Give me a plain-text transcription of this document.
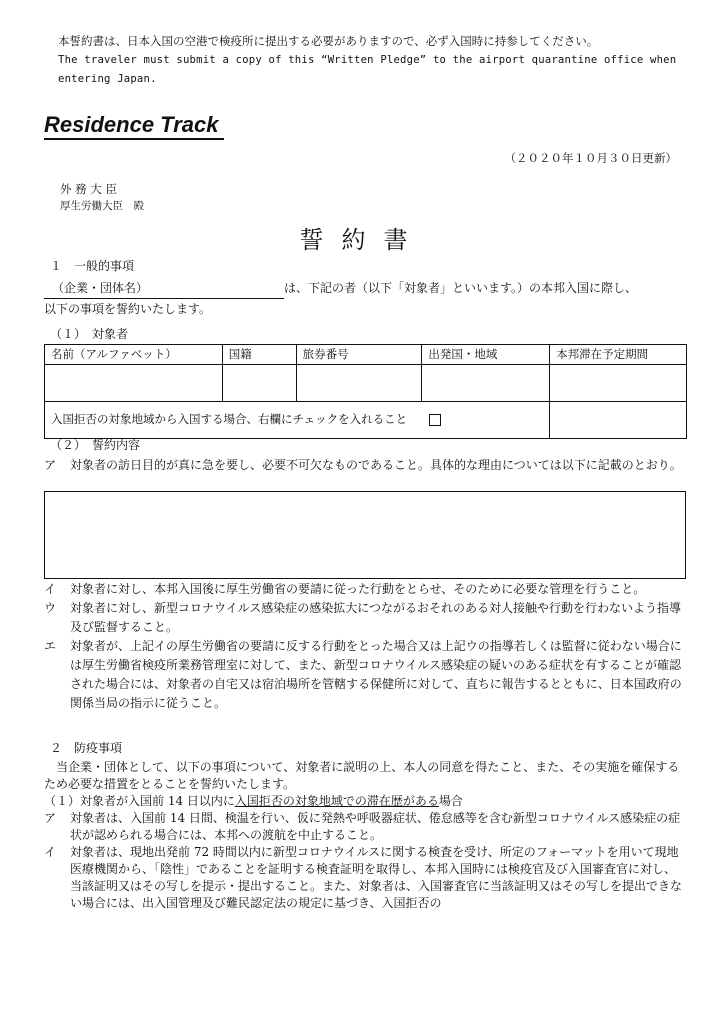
本誓約書は、日本入国の空港で検疫所に提出する必要がありますので、必ず入国時に持参してください。
The traveler must submit a copy of this “Written Pledge” to the airport quarantine office when
entering Japan.
Residence Track
（２０２０年１０月３０日更新）
外 務 大 臣
厚生労働大臣　殿
誓約書
１　一般的事項
（企業・団体名）	は、下記の者（以下「対象者」といいます。）の本邦入国に際し、
以下の事項を誓約いたします。
（１）　対象者
名前（アルファベット）	国籍	旅券番号	出発国・地域	本邦滞在予定期間

入国拒否の対象地域から入国する場合、右欄にチェックを入れること				
（２）　誓約内容
ア	対象者の訪日目的が真に急を要し、必要不可欠なものであること。具体的な理由については以下に記載のとおり。
イ	対象者に対し、本邦入国後に厚生労働省の要請に従った行動をとらせ、そのために必要な管理を行うこと。
ウ	対象者に対し、新型コロナウイルス感染症の感染拡大につながるおそれのある対人接触や行動を行わないよう指導及び監督すること。
エ	対象者が、上記イの厚生労働省の要請に反する行動をとった場合又は上記ウの指導若しくは監督に従わない場合には厚生労働省検疫所業務管理室に対して、また、新型コロナウイルス感染症の疑いのある症状を有することが確認された場合には、対象者の自宅又は宿泊場所を管轄する保健所に対して、直ちに報告するとともに、日本国政府の関係当局の指示に従うこと。
２　防疫事項
当企業・団体として、以下の事項について、対象者に説明の上、本人の同意を得たこと、また、その実施を確保するため必要な措置をとることを誓約いたします。
（１）対象者が入国前 14 日以内に入国拒否の対象地域での滞在歴がある場合
ア	対象者は、入国前 14 日間、検温を行い、仮に発熱や呼吸器症状、倦怠感等を含む新型コロナウイルス感染症の症状が認められる場合には、本邦への渡航を中止すること。
イ	対象者は、現地出発前 72 時間以内に新型コロナウイルスに関する検査を受け、所定のフォーマットを用いて現地医療機関から、「陰性」であることを証明する検査証明を取得し、本邦入国時には検疫官及び入国審査官に対し、当該証明又はその写しを提示・提出すること。また、対象者は、入国審査官に当該証明又はその写しを提出できない場合には、出入国管理及び難民認定法の規定に基づき、入国拒否の
